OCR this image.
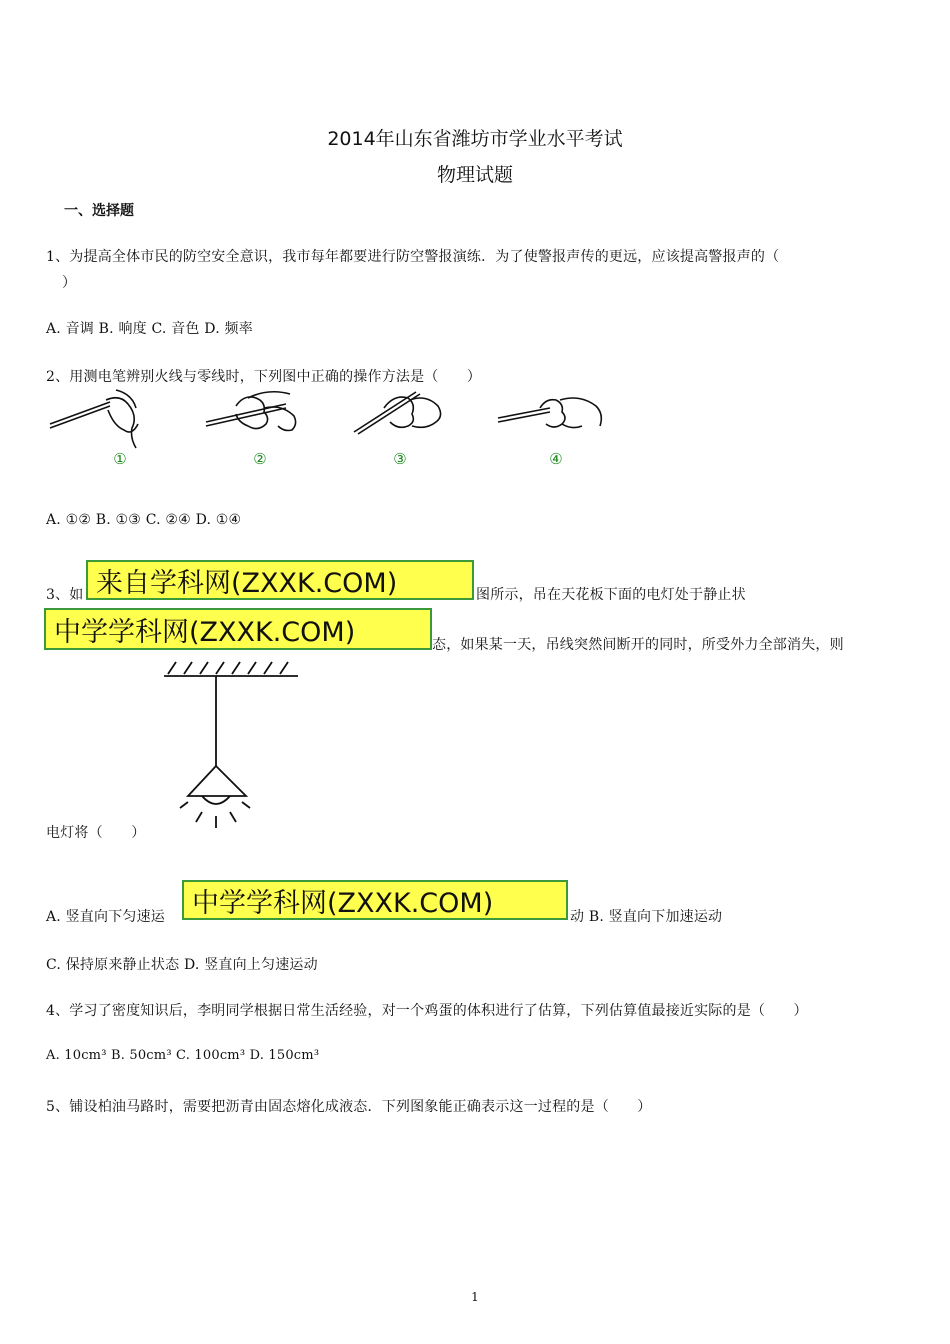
2014年山东省潍坊市学业水平考试
物理试题
一、选择题
1、为提高全体市民的防空安全意识，我市每年都要进行防空警报演练．为了使警报声传的更远，应该提高警报声的（
）
A. 音调 B. 响度 C. 音色 D. 频率
2、用测电笔辨别火线与零线时，下列图中正确的操作方法是（　　）
①	②	③	④
A. ①② B. ①③ C. ②④ D. ①④
3、如 来自学科网(ZXXK.COM)	图所示，吊在天花板下面的电灯处于静止状
中学学科网(ZXXK.COM)	态，如果某一天，吊线突然间断开的同时，所受外力全部消失，则
电灯将（　　）
A. 竖直向下匀速运 中学学科网(ZXXK.COM)	动 B. 竖直向下加速运动
C. 保持原来静止状态 D. 竖直向上匀速运动
4、学习了密度知识后，李明同学根据日常生活经验，对一个鸡蛋的体积进行了估算，下列估算值最接近实际的是（　　）
A. 10cm³ B. 50cm³ C. 100cm³ D. 150cm³
5、铺设柏油马路时，需要把沥青由固态熔化成液态．下列图象能正确表示这一过程的是（　　）
1
